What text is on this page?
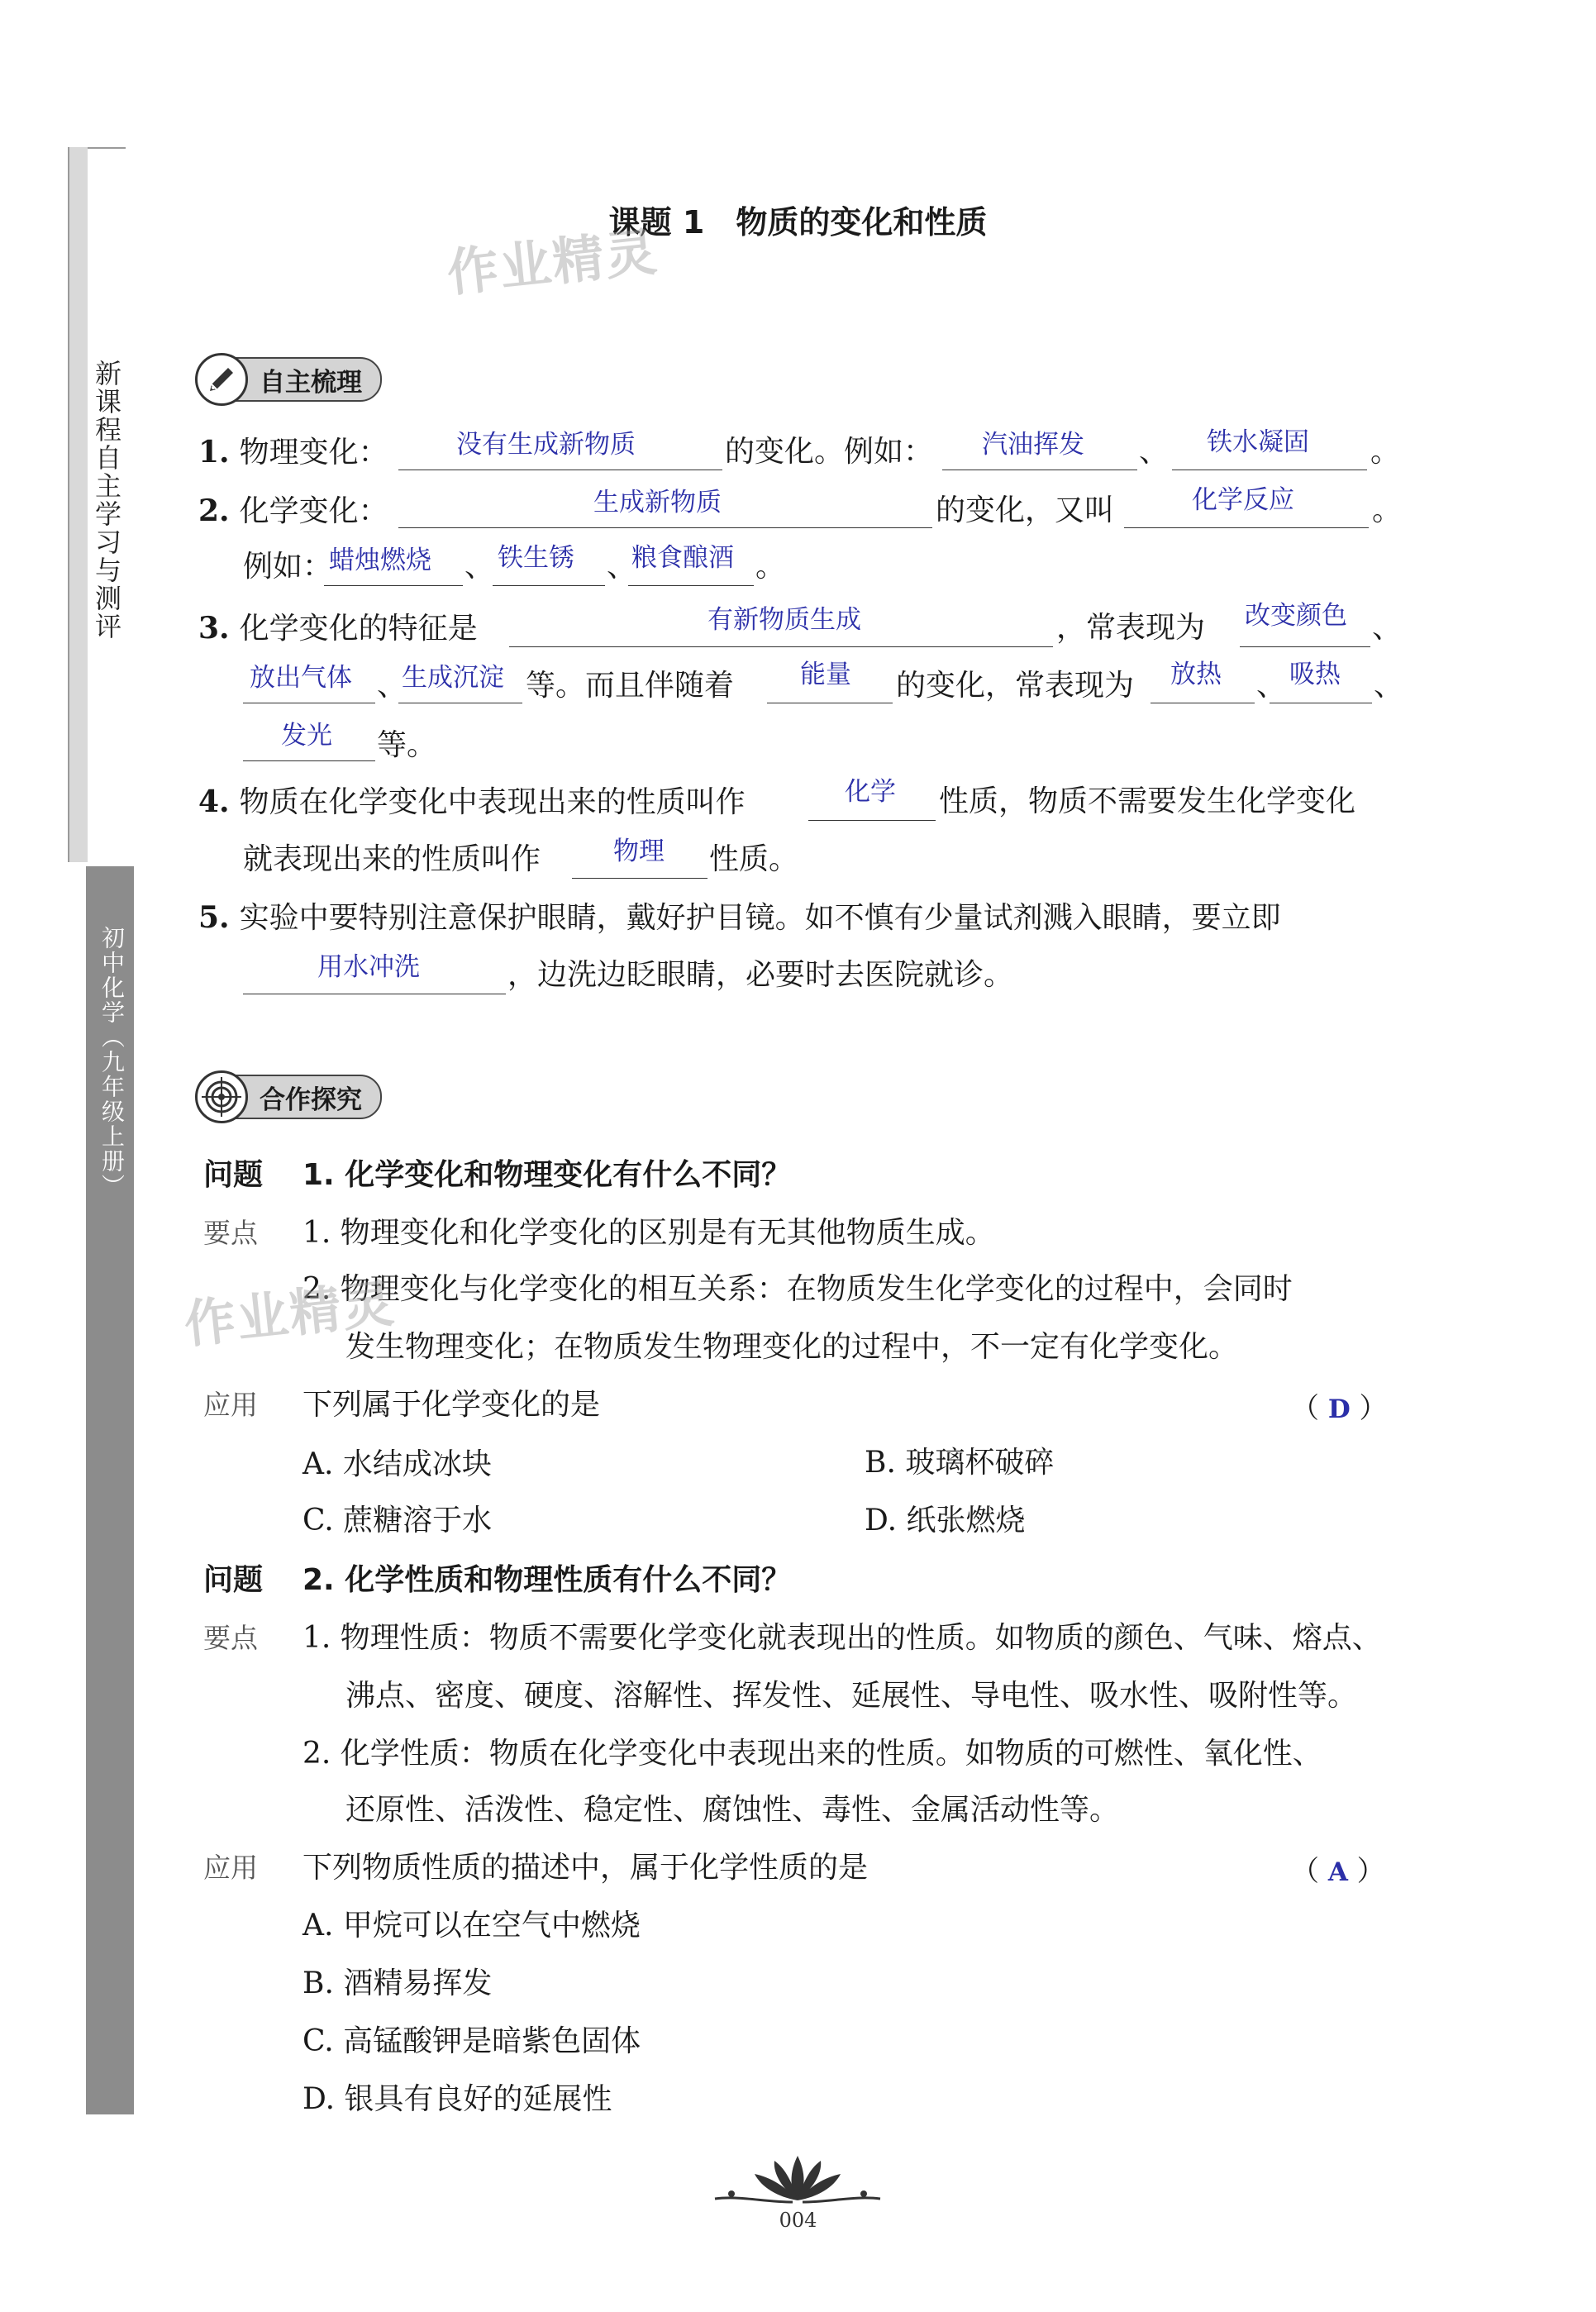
新课程自主学习与测评
初中化学（九年级上册）
课题 1　物质的变化和性质
作业精灵
自主梳理
1. 物理变化：	没有生成新物质	的变化。例如： 汽油挥发 、 铁水凝固 。
2. 化学变化：	生成新物质	的变化，又叫	化学反应	。
例如：
蜡烛燃烧 、 铁生锈 、
粮食酿酒 。
3. 化学变化的特征是	有新物质生成	，常表现为 改变颜色 、
放出气体 、
生成沉淀 等。而且伴随着	能量 的变化，常表现为 放热 、 吸热 、
发光 等。
4. 物质在化学变化中表现出来的性质叫作	化学 性质，物质不需要发生化学变化
就表现出来的性质叫作	物理 性质。
5. 实验中要特别注意保护眼睛，戴好护目镜。如不慎有少量试剂溅入眼睛，要立即
用水冲洗	，边洗边眨眼睛，必要时去医院就诊。
合作探究
问题 1. 化学变化和物理变化有什么不同？
要点 1. 物理变化和化学变化的区别是有无其他物质生成。
2. 物理变化与化学变化的相互关系：在物质发生化学变化的过程中，会同时
发生物理变化；在物质发生物理变化的过程中，不一定有化学变化。
作业精灵
应用 下列属于化学变化的是	（ D ）
A. 水结成冰块	B. 玻璃杯破碎
C. 蔗糖溶于水	D. 纸张燃烧
问题 2. 化学性质和物理性质有什么不同？
要点 1. 物理性质：物质不需要化学变化就表现出的性质。如物质的颜色、气味、熔点、
沸点、密度、硬度、溶解性、挥发性、延展性、导电性、吸水性、吸附性等。
2. 化学性质：物质在化学变化中表现出来的性质。如物质的可燃性、氧化性、
还原性、活泼性、稳定性、腐蚀性、毒性、金属活动性等。
应用 下列物质性质的描述中，属于化学性质的是	（ A ）
A. 甲烷可以在空气中燃烧
B. 酒精易挥发
C. 高锰酸钾是暗紫色固体
D. 银具有良好的延展性
004
